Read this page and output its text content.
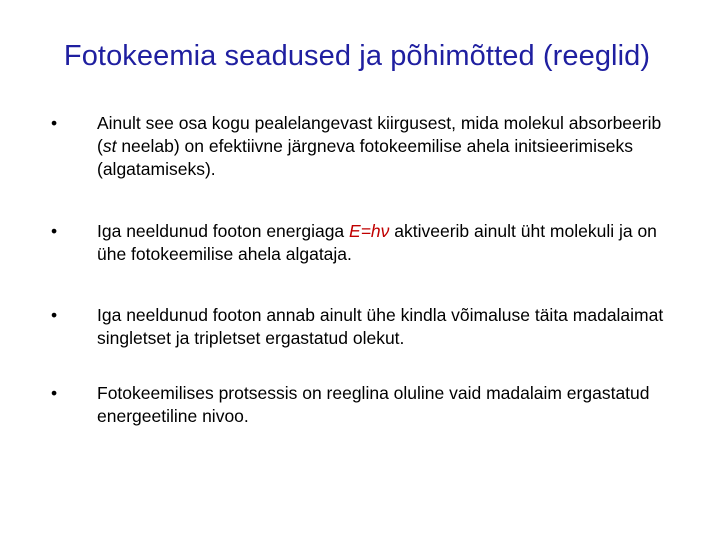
Fotokeemia seadused ja põhimõtted (reeglid)
• Ainult see osa kogu pealelangevast kiirgusest, mida molekul absorbeerib (st neelab) on efektiivne järgneva fotokeemilise ahela initsieerimiseks (algatamiseks).
• Iga neeldunud footon energiaga E=hν aktiveerib ainult üht molekuli ja on ühe fotokeemilise ahela algataja.
• Iga neeldunud footon annab ainult ühe kindla võimaluse täita madalaimat singletset ja tripletset ergastatud olekut.
• Fotokeemilises protsessis on reeglina oluline vaid madalaim ergastatud energeetiline nivoo.
